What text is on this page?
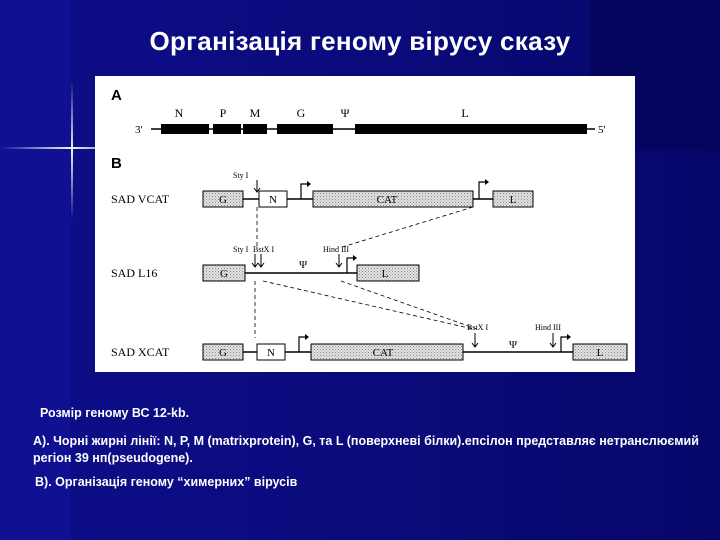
Організація геному вірусу сказу
A
N	P M	G	Ψ	L
3'	5'
B
SAD VCAT
Sty I
G	N	CAT	L
SAD L16
Sty I BstX I	Hind III
Ψ
G	L
SAD XCAT
BstX I	Hind III
Ψ
G	N	CAT	L
Розмір геному ВС 12-kb.
А). Чорні жирні лінії: N, P, M (matrixprotein), G, та L (поверхневі білки).епсілон представляє нетранслюємий регіон 39 нп(pseudogene).
В). Організація геному “химерних” вірусів
